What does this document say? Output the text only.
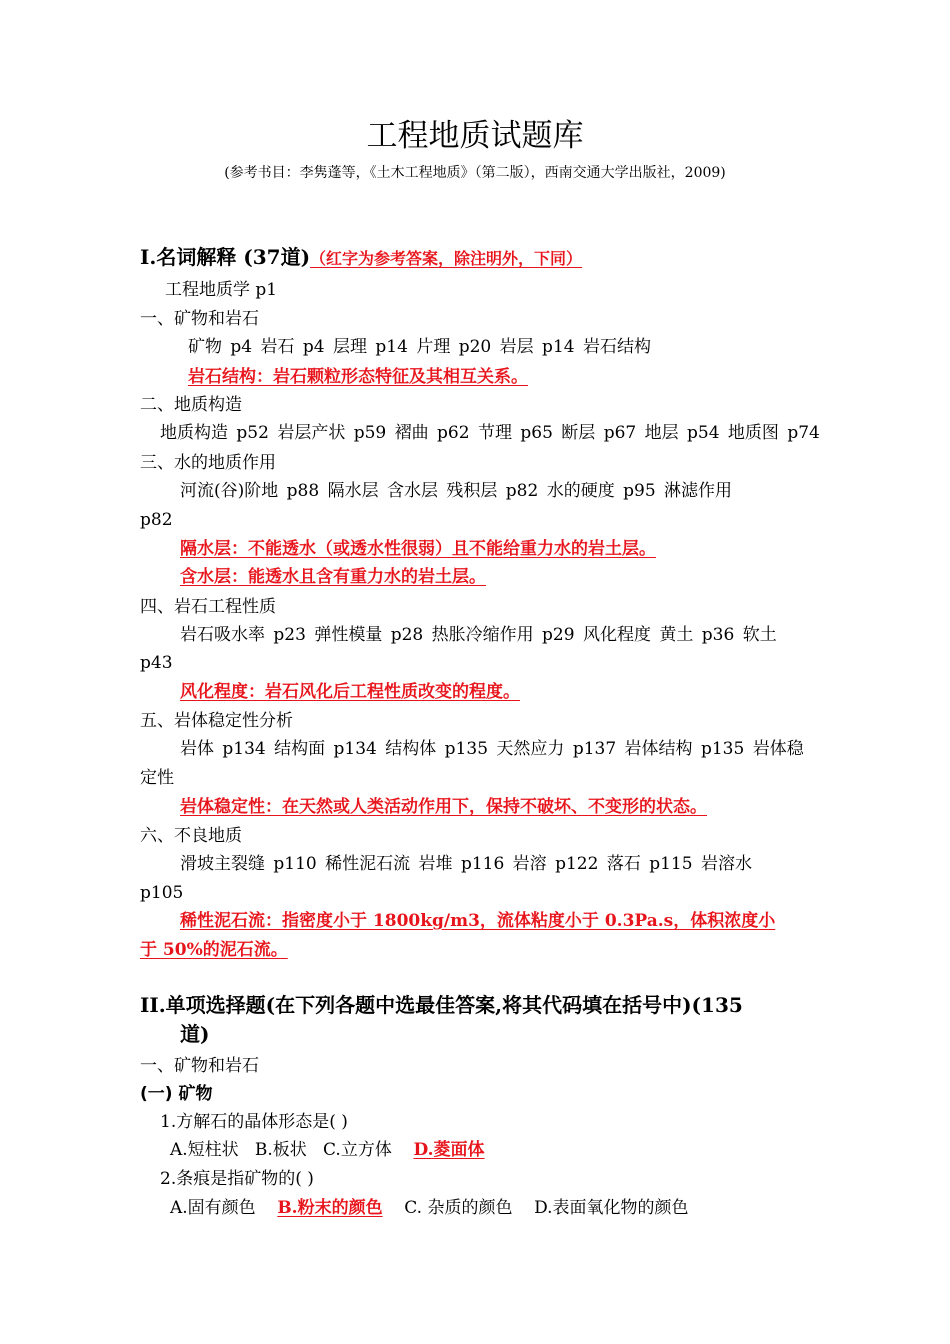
工程地质试题库
(参考书目：李隽蓬等，《土木工程地质》（第二版），西南交通大学出版社，2009)
I.名词解释 (37道)（红字为参考答案，除注明外，下同）
工程地质学 p1
一、矿物和岩石
矿物 p4 岩石 p4 层理 p14 片理 p20 岩层 p14 岩石结构
岩石结构：岩石颗粒形态特征及其相互关系。
二、地质构造
地质构造 p52 岩层产状 p59 褶曲 p62 节理 p65 断层 p67 地层 p54 地质图 p74
三、水的地质作用
河流(谷)阶地 p88 隔水层 含水层 残积层 p82 水的硬度 p95 淋滤作用
p82
隔水层：不能透水（或透水性很弱）且不能给重力水的岩土层。
含水层：能透水且含有重力水的岩土层。
四、岩石工程性质
岩石吸水率 p23 弹性模量 p28 热胀冷缩作用 p29 风化程度 黄土 p36 软土
p43
风化程度：岩石风化后工程性质改变的程度。
五、岩体稳定性分析
岩体 p134 结构面 p134 结构体 p135 天然应力 p137 岩体结构 p135 岩体稳
定性
岩体稳定性：在天然或人类活动作用下，保持不破坏、不变形的状态。
六、不良地质
滑坡主裂缝 p110 稀性泥石流 岩堆 p116 岩溶 p122 落石 p115 岩溶水
p105
稀性泥石流：指密度小于 1800kg/m3，流体粘度小于 0.3Pa.s，体积浓度小
于 50%的泥石流。
II.单项选择题(在下列各题中选最佳答案,将其代码填在括号中)(135
道)
一、矿物和岩石
(一) 矿物
1.方解石的晶体形态是( )
A.短柱状 B.板状 C.立方体 D.菱面体
2.条痕是指矿物的( )
A.固有颜色 B.粉末的颜色 C. 杂质的颜色 D.表面氧化物的颜色
